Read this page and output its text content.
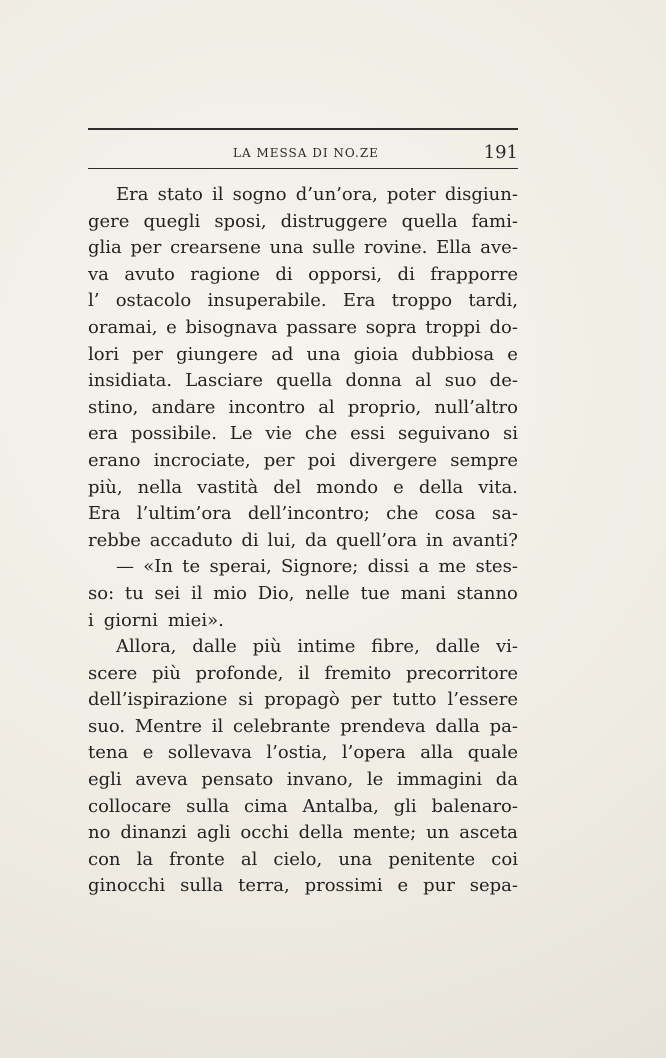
LA MESSA DI NO.ZE	191
Era stato il sogno d’un’ora, poter disgiun-
gere quegli sposi, distruggere quella fami-
glia per crearsene una sulle rovine. Ella ave-
va avuto ragione di opporsi, di frapporre
l’ ostacolo insuperabile. Era troppo tardi,
oramai, e bisognava passare sopra troppi do-
lori per giungere ad una gioia dubbiosa e
insidiata. Lasciare quella donna al suo de-
stino, andare incontro al proprio, null’altro
era possibile. Le vie che essi seguivano si
erano incrociate, per poi divergere sempre
più, nella vastità del mondo e della vita.
Era l’ultim’ora dell’incontro; che cosa sa-
rebbe accaduto di lui, da quell’ora in avanti?
— «In te sperai, Signore; dissi a me stes-
so: tu sei il mio Dio, nelle tue mani stanno
i giorni miei».
Allora, dalle più intime fibre, dalle vi-
scere più profonde, il fremito precorritore
dell’ispirazione si propagò per tutto l’essere
suo. Mentre il celebrante prendeva dalla pa-
tena e sollevava l’ostia, l’opera alla quale
egli aveva pensato invano, le immagini da
collocare sulla cima Antalba, gli balenaro-
no dinanzi agli occhi della mente; un asceta
con la fronte al cielo, una penitente coi
ginocchi sulla terra, prossimi e pur sepa-
